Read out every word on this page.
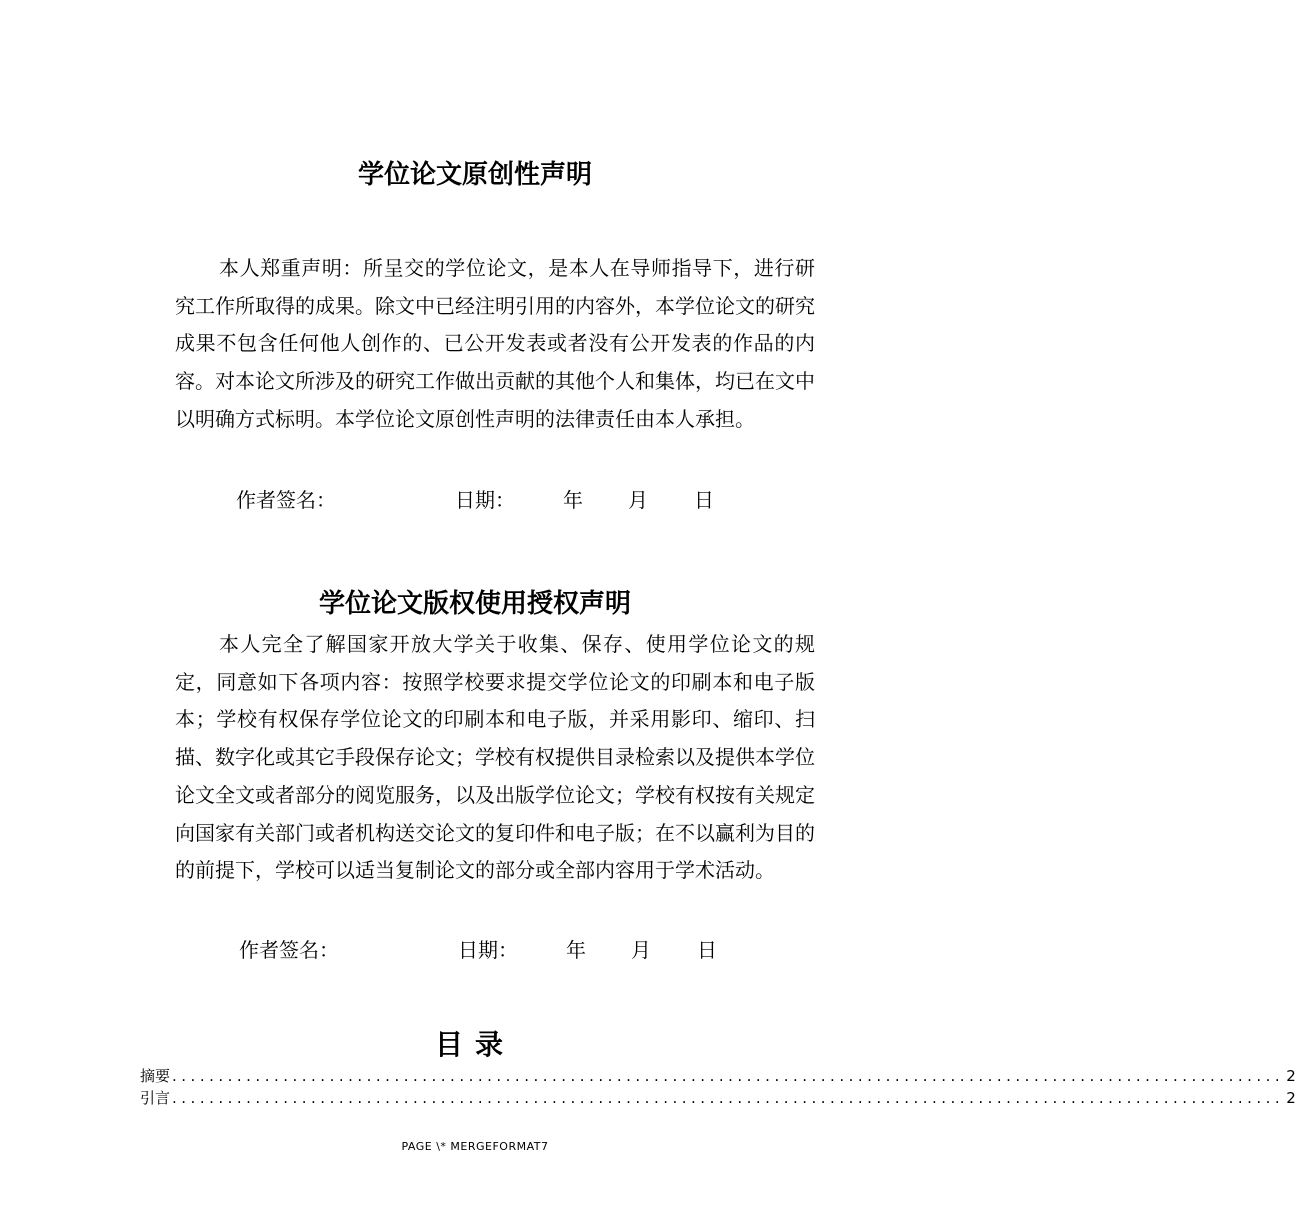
学位论文原创性声明

本人郑重声明：所呈交的学位论文，是本人在导师指导下，进行研究工作所取得的成果。除文中已经注明引用的内容外，本学位论文的研究成果不包含任何他人创作的、已公开发表或者没有公开发表的作品的内容。对本论文所涉及的研究工作做出贡献的其他个人和集体，均已在文中以明确方式标明。本学位论文原创性声明的法律责任由本人承担。

作者签名：	日期： 年 月 日
学位论文版权使用授权声明

本人完全了解国家开放大学关于收集、保存、使用学位论文的规定，同意如下各项内容：按照学校要求提交学位论文的印刷本和电子版本；学校有权保存学位论文的印刷本和电子版，并采用影印、缩印、扫描、数字化或其它手段保存论文；学校有权提供目录检索以及提供本学位论文全文或者部分的阅览服务，以及出版学位论文；学校有权按有关规定向国家有关部门或者机构送交论文的复印件和电子版；在不以赢利为目的的前提下，学校可以适当复制论文的部分或全部内容用于学术活动。

作者签名：	日期： 年 月 日
目录
摘要 ........................................................................................................................ 2
引言 ........................................................................................................................ 2
PAGE \* MERGEFORMAT7
